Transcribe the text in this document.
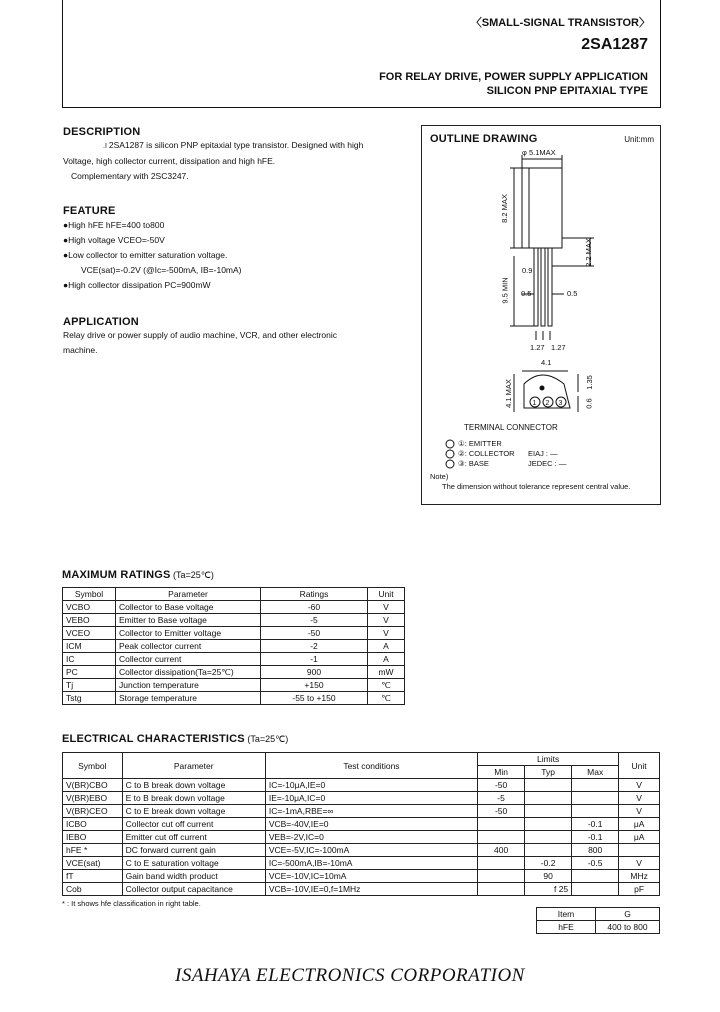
〈SMALL-SIGNAL TRANSISTOR〉
2SA1287
FOR RELAY DRIVE, POWER SUPPLY APPLICATION
SILICON PNP EPITAXIAL TYPE
DESCRIPTION
.I 2SA1287 is silicon PNP epitaxial type transistor. Designed with high
Voltage, high collector current, dissipation and high hFE.
Complementary with 2SC3247.
FEATURE
●High hFE hFE=400 to800
●High voltage VCEO=-50V
●Low collector to emitter saturation voltage.
VCE(sat)=-0.2V (@Ic=-500mA, IB=-10mA)
●High collector dissipation PC=900mW
APPLICATION
Relay drive or power supply of audio machine, VCR, and other electronic
machine.
OUTLINE DRAWING	Unit:mm
1 2 3
φ 5.1MAX
8.2 MAX
0.9
2.2 MAX
9.5 MIN 0.5	0.5
1.27 1.27
4.1
4.1 MAX	1.35
0.6
TERMINAL CONNECTOR
①: EMITTER
②: COLLECTOR
③: BASE
EIAJ : —
JEDEC : —
Note)
The dimension without tolerance represent central value.
MAXIMUM RATINGS (Ta=25℃)
Symbol	Parameter	Ratings	Unit
VCBO	Collector to Base voltage	-60	V
VEBO	Emitter to Base voltage	-5	V
VCEO	Collector to Emitter voltage	-50	V
ICM	Peak collector current	-2	A
IC	Collector current	-1	A
PC	Collector dissipation(Ta=25℃)	900	mW
Tj	Junction temperature	+150	℃
Tstg	Storage temperature	-55 to +150	℃
ELECTRICAL CHARACTERISTICS (Ta=25℃)
Symbol	Parameter	Test conditions	Limits			Unit
			Min	Typ	Max	
V(BR)CBO	C to B break down voltage	IC=-10μA,IE=0	-50			V
V(BR)EBO	E to B break down voltage	IE=-10μA,IC=0	-5			V
V(BR)CEO	C to E break down voltage	IC=-1mA,RBE=∞	-50			V
ICBO	Collector cut off current	VCB=-40V,IE=0			-0.1	μA
IEBO	Emitter cut off current	VEB=-2V,IC=0			-0.1	μA
hFE *	DC forward current gain	VCE=-5V,IC=-100mA	400		800	
VCE(sat)	C to E saturation voltage	IC=-500mA,IB=-10mA		-0.2	-0.5	V
fT	Gain band width product	VCE=-10V,IC=10mA		90		MHz
Cob	Collector output capacitance	VCB=-10V,IE=0,f=1MHz		f 25		pF
* : It shows hfe classification in right table.
Item	G
hFE	400 to 800
ISAHAYA ELECTRONICS CORPORATION
